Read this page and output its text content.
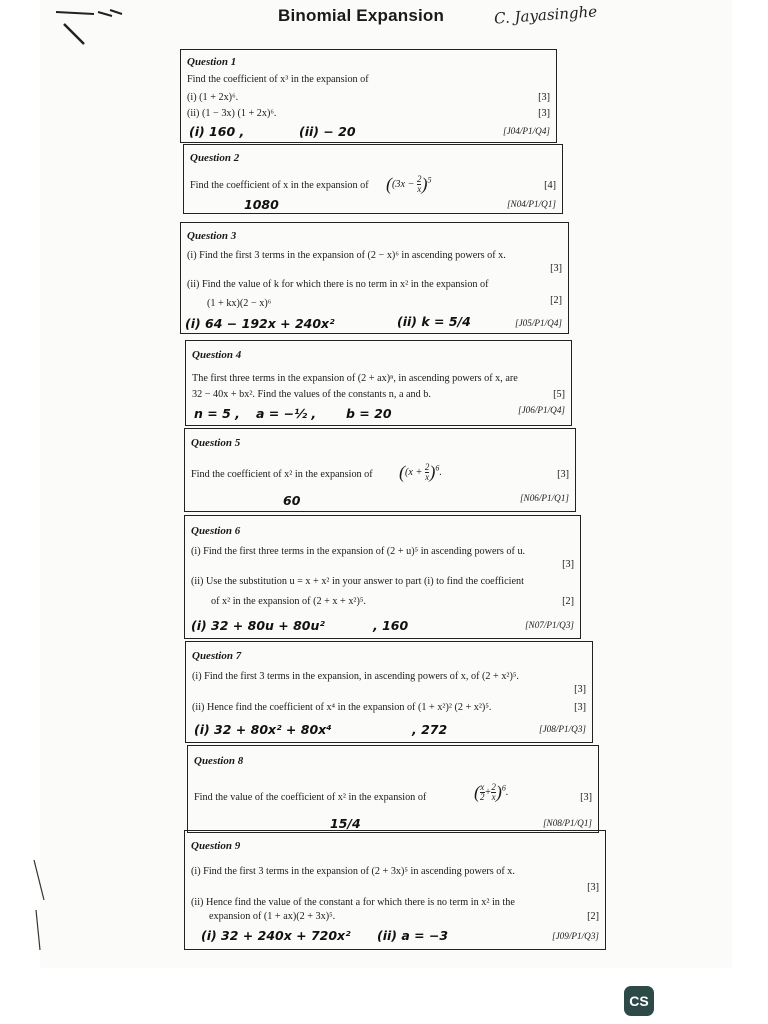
Binomial Expansion	C. Jayasinghe
Question 1
Find the coefficient of x³ in the expansion of
(i) (1 + 2x)⁶.	[3]
(ii) (1 − 3x) (1 + 2x)⁶.	[3]
(i) 160 ,	(ii) − 20	[J04/P1/Q4]
Question 2
Find the coefficient of x in the expansion of ($(3x - \frac{2}{x} )^5$
[4]
1080	[N04/P1/Q1]
Question 3
(i) Find the first 3 terms in the expansion of (2 − x)⁶ in ascending powers of x.
[3]
(ii) Find the value of k for which there is no term in x² in the expansion of
(1 + kx)(2 − x)⁶	[2]
(i) 64 − 192x + 240x²	(ii) k = 5/4	[J05/P1/Q4]
Question 4
The first three terms in the expansion of (2 + ax)ⁿ, in ascending powers of x, are
32 − 40x + bx². Find the values of the constants n, a and b.	[5]
n = 5 , a = −½ , b = 20	[J06/P1/Q4]
Question 5
Find the coefficient of x² in the expansion of ($(x + \frac{2}{x} )^6$.	[3]
60	[N06/P1/Q1]
Question 6
(i) Find the first three terms in the expansion of (2 + u)⁵ in ascending powers of u.
[3]
(ii) Use the substitution u = x + x² in your answer to part (i) to find the coefficient
of x² in the expansion of (2 + x + x²)⁵.	[2]
(i) 32 + 80u + 80u²	, 160	[N07/P1/Q3]
Question 7
(i) Find the first 3 terms in the expansion, in ascending powers of x, of (2 + x²)⁵.
[3]
(ii) Hence find the coefficient of x⁴ in the expansion of (1 + x²)² (2 + x²)⁵.	[3]
(i) 32 + 80x² + 80x⁴	, 272	[J08/P1/Q3]
Question 8
Find the value of the coefficient of x² in the expansion of	( $\frac{x}{2} + \frac{2}{x} )^6$.	[3]
15/4	[N08/P1/Q1]
Question 9
(i) Find the first 3 terms in the expansion of (2 + 3x)⁵ in ascending powers of x.
[3]
(ii) Hence find the value of the constant a for which there is no term in x² in the
expansion of (1 + ax)(2 + 3x)⁵.	[2]
(i) 32 + 240x + 720x² (ii) a = −3	[J09/P1/Q3]
CS
